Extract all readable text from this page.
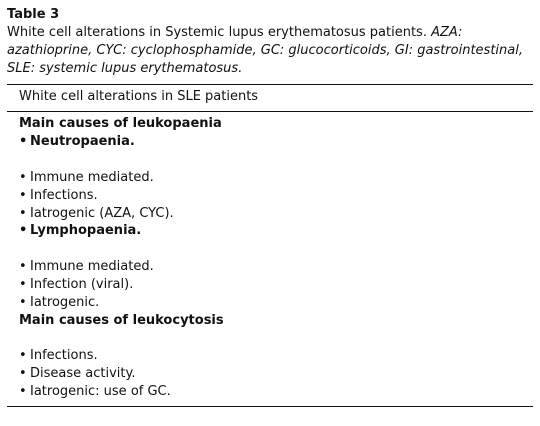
Table 3
White cell alterations in Systemic lupus erythematosus patients. AZA: azathioprine, CYC: cyclophosphamide, GC: glucocorticoids, GI: gastrointestinal, SLE: systemic lupus erythematosus.
White cell alterations in SLE patients
Main causes of leukopaenia
• Neutropaenia.
• Immune mediated.
• Infections.
• Iatrogenic (AZA, CYC).
• Lymphopaenia.
• Immune mediated.
• Infection (viral).
• Iatrogenic.
Main causes of leukocytosis
• Infections.
• Disease activity.
• Iatrogenic: use of GC.
